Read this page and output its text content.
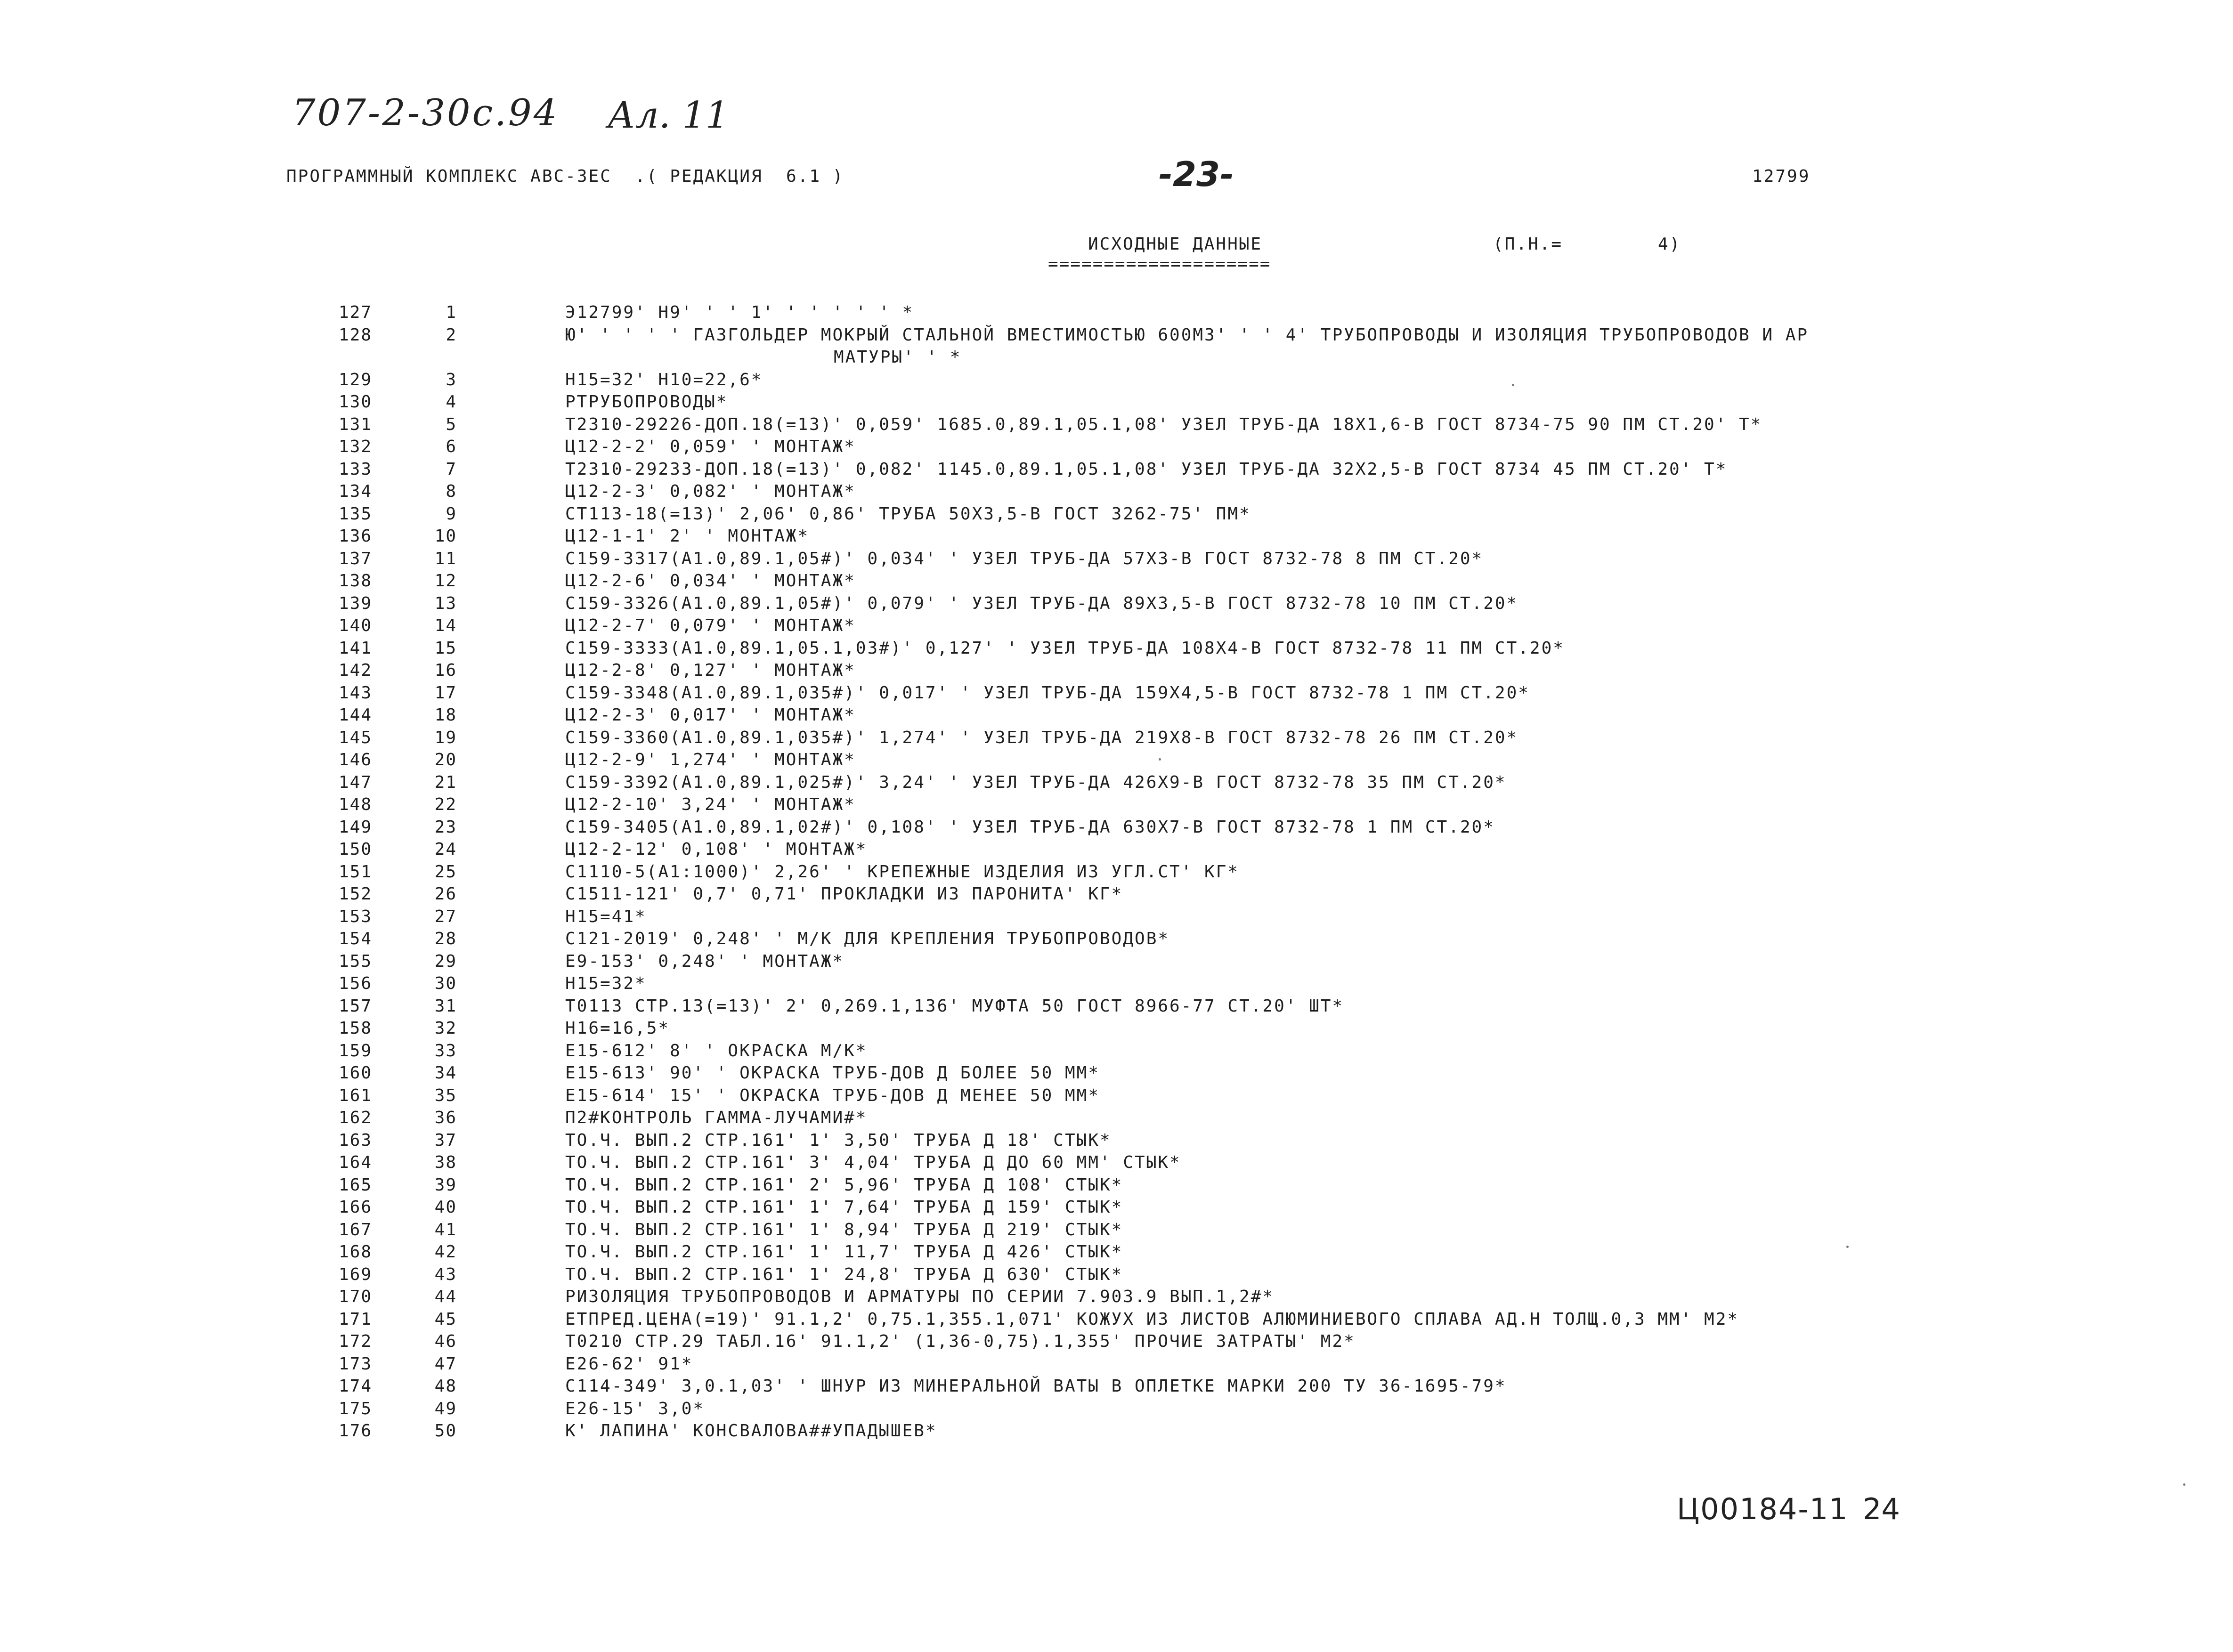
707-2-30с.94 Ал. 11
-23-
ПРОГРАММНЫЙ КОМПЛЕКС АВС-3ЕС  .( РЕДАКЦИЯ  6.1 )	12799
ИСХОДНЫЕ ДАННЫЕ
====================
(П.Н.=	4)
127	1	Э12799' Н9' ' ' 1' ' ' ' ' ' *
128	2	Ю' ' ' ' ' ГАЗГОЛЬДЕР МОКРЫЙ СТАЛЬНОЙ ВМЕСТИМОСТЬЮ 600М3' ' ' 4' ТРУБОПРОВОДЫ И ИЗОЛЯЦИЯ ТРУБОПРОВОДОВ И АР
МАТУРЫ' ' *
129	3	Н15=32' Н10=22,6*
130	4	РТРУБОПРОВОДЫ*
131	5	Т2310-29226-ДОП.18(=13)' 0,059' 1685.0,89.1,05.1,08' УЗЕЛ ТРУБ-ДА 18Х1,6-В ГОСТ 8734-75 90 ПМ СТ.20' Т*
132	6	Ц12-2-2' 0,059' ' МОНТАЖ*
133	7	Т2310-29233-ДОП.18(=13)' 0,082' 1145.0,89.1,05.1,08' УЗЕЛ ТРУБ-ДА 32Х2,5-В ГОСТ 8734 45 ПМ СТ.20' Т*
134	8	Ц12-2-3' 0,082' ' МОНТАЖ*
135	9	СТ113-18(=13)' 2,06' 0,86' ТРУБА 50Х3,5-В ГОСТ 3262-75' ПМ*
136	10	Ц12-1-1' 2' ' МОНТАЖ*
137	11	С159-3317(А1.0,89.1,05#)' 0,034' ' УЗЕЛ ТРУБ-ДА 57Х3-В ГОСТ 8732-78 8 ПМ СТ.20*
138	12	Ц12-2-6' 0,034' ' МОНТАЖ*
139	13	С159-3326(А1.0,89.1,05#)' 0,079' ' УЗЕЛ ТРУБ-ДА 89Х3,5-В ГОСТ 8732-78 10 ПМ СТ.20*
140	14	Ц12-2-7' 0,079' ' МОНТАЖ*
141	15	С159-3333(А1.0,89.1,05.1,03#)' 0,127' ' УЗЕЛ ТРУБ-ДА 108Х4-В ГОСТ 8732-78 11 ПМ СТ.20*
142	16	Ц12-2-8' 0,127' ' МОНТАЖ*
143	17	С159-3348(А1.0,89.1,035#)' 0,017' ' УЗЕЛ ТРУБ-ДА 159Х4,5-В ГОСТ 8732-78 1 ПМ СТ.20*
144	18	Ц12-2-3' 0,017' ' МОНТАЖ*
145	19	С159-3360(А1.0,89.1,035#)' 1,274' ' УЗЕЛ ТРУБ-ДА 219Х8-В ГОСТ 8732-78 26 ПМ СТ.20*
146	20	Ц12-2-9' 1,274' ' МОНТАЖ*
147	21	С159-3392(А1.0,89.1,025#)' 3,24' ' УЗЕЛ ТРУБ-ДА 426Х9-В ГОСТ 8732-78 35 ПМ СТ.20*
148	22	Ц12-2-10' 3,24' ' МОНТАЖ*
149	23	С159-3405(А1.0,89.1,02#)' 0,108' ' УЗЕЛ ТРУБ-ДА 630Х7-В ГОСТ 8732-78 1 ПМ СТ.20*
150	24	Ц12-2-12' 0,108' ' МОНТАЖ*
151	25	С1110-5(А1:1000)' 2,26' ' КРЕПЕЖНЫЕ ИЗДЕЛИЯ ИЗ УГЛ.СТ' КГ*
152	26	С1511-121' 0,7' 0,71' ПРОКЛАДКИ ИЗ ПАРОНИТА' КГ*
153	27	Н15=41*
154	28	С121-2019' 0,248' ' М/К ДЛЯ КРЕПЛЕНИЯ ТРУБОПРОВОДОВ*
155	29	Е9-153' 0,248' ' МОНТАЖ*
156	30	Н15=32*
157	31	Т0113 СТР.13(=13)' 2' 0,269.1,136' МУФТА 50 ГОСТ 8966-77 СТ.20' ШТ*
158	32	Н16=16,5*
159	33	Е15-612' 8' ' ОКРАСКА М/К*
160	34	Е15-613' 90' ' ОКРАСКА ТРУБ-ДОВ Д БОЛЕЕ 50 ММ*
161	35	Е15-614' 15' ' ОКРАСКА ТРУБ-ДОВ Д МЕНЕЕ 50 ММ*
162	36	П2#КОНТРОЛЬ ГАММА-ЛУЧАМИ#*
163	37	ТО.Ч. ВЫП.2 СТР.161' 1' 3,50' ТРУБА Д 18' СТЫК*
164	38	ТО.Ч. ВЫП.2 СТР.161' 3' 4,04' ТРУБА Д ДО 60 ММ' СТЫК*
165	39	ТО.Ч. ВЫП.2 СТР.161' 2' 5,96' ТРУБА Д 108' СТЫК*
166	40	ТО.Ч. ВЫП.2 СТР.161' 1' 7,64' ТРУБА Д 159' СТЫК*
167	41	ТО.Ч. ВЫП.2 СТР.161' 1' 8,94' ТРУБА Д 219' СТЫК*
168	42	ТО.Ч. ВЫП.2 СТР.161' 1' 11,7' ТРУБА Д 426' СТЫК*
169	43	ТО.Ч. ВЫП.2 СТР.161' 1' 24,8' ТРУБА Д 630' СТЫК*
170	44	РИЗОЛЯЦИЯ ТРУБОПРОВОДОВ И АРМАТУРЫ ПО СЕРИИ 7.903.9 ВЫП.1,2#*
171	45	ЕТПРЕД.ЦЕНА(=19)' 91.1,2' 0,75.1,355.1,071' КОЖУХ ИЗ ЛИСТОВ АЛЮМИНИЕВОГО СПЛАВА АД.Н ТОЛЩ.0,3 ММ' М2*
172	46	Т0210 СТР.29 ТАБЛ.16' 91.1,2' (1,36-0,75).1,355' ПРОЧИЕ ЗАТРАТЫ' М2*
173	47	Е26-62' 91*
174	48	С114-349' 3,0.1,03' ' ШНУР ИЗ МИНЕРАЛЬНОЙ ВАТЫ В ОПЛЕТКЕ МАРКИ 200 ТУ 36-1695-79*
175	49	Е26-15' 3,0*
176	50	К' ЛАПИНА' КОНСВАЛОВА##УПАДЫШЕВ*
Ц00184-11 24
